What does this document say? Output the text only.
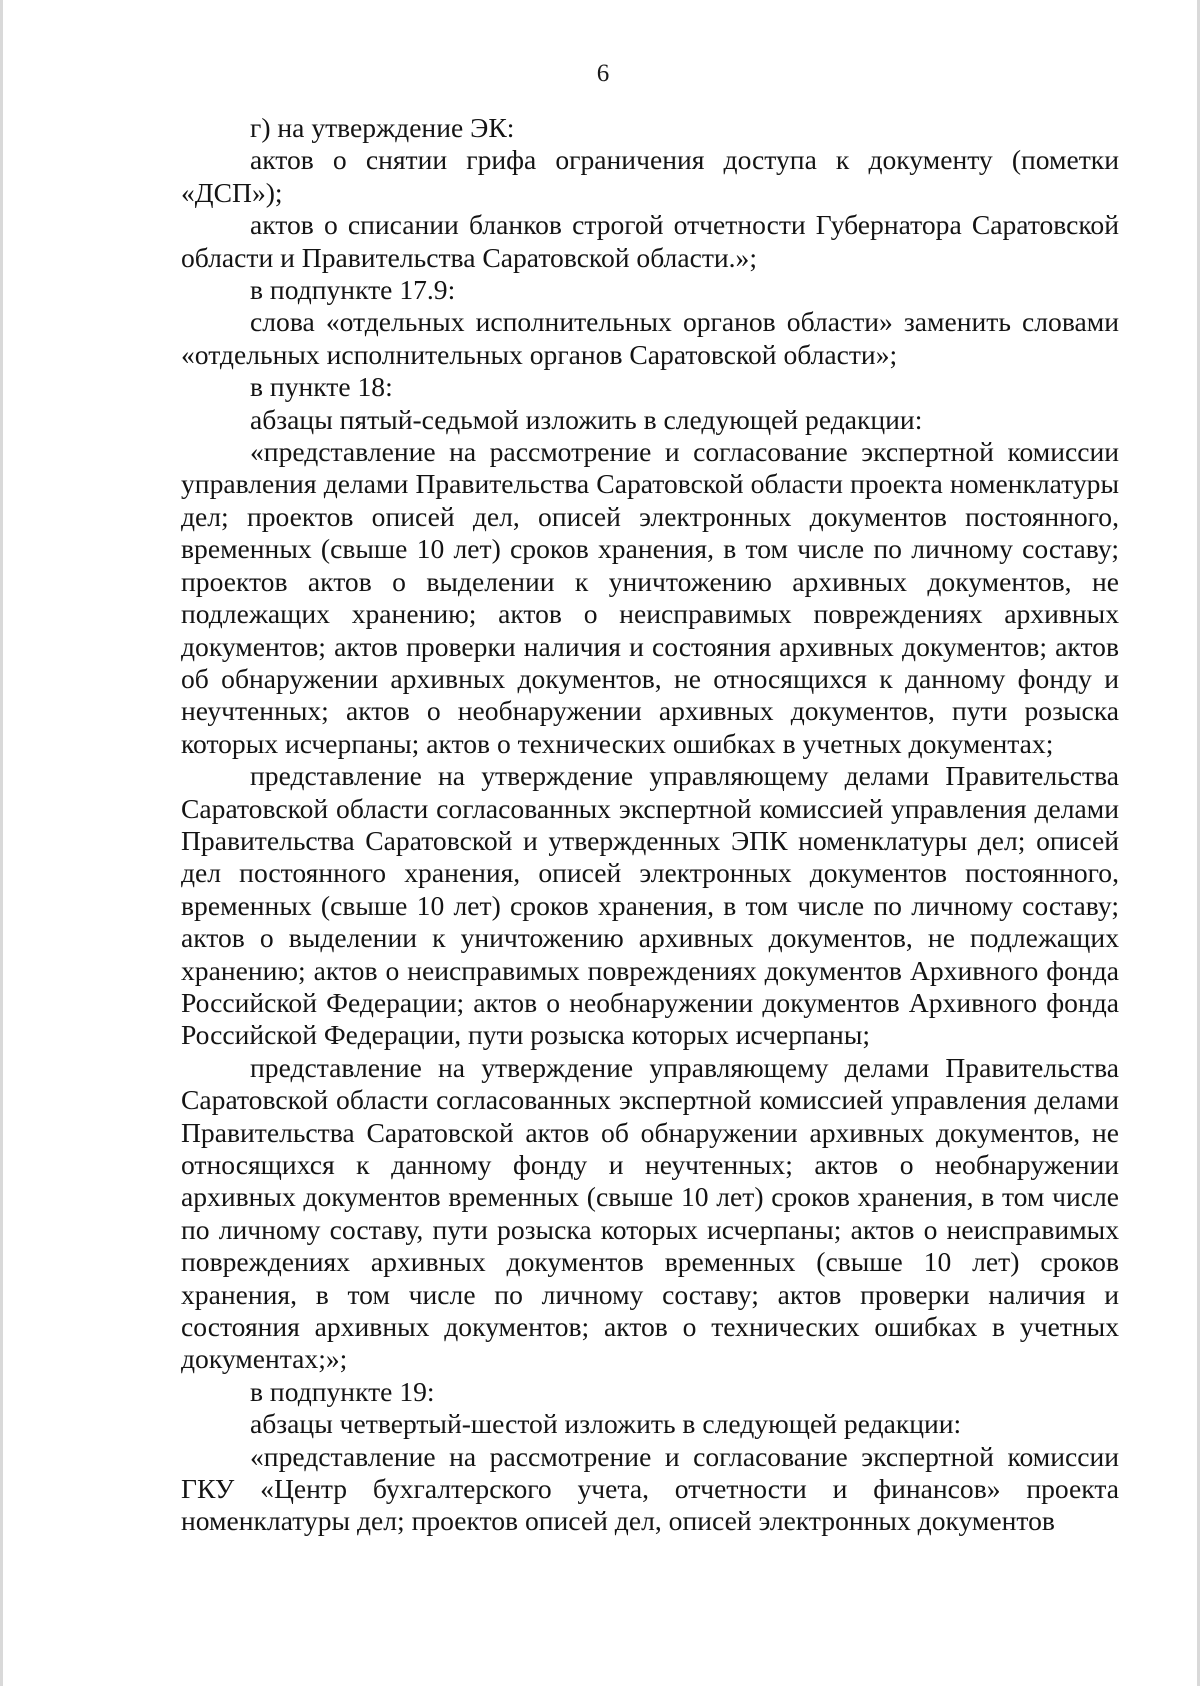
6

г) на утверждение ЭК:

актов о снятии грифа ограничения доступа к документу (пометки «ДСП»);

актов о списании бланков строгой отчетности Губернатора Саратовской области и Правительства Саратовской области.»;

в подпункте 17.9:

слова «отдельных исполнительных органов области» заменить словами «отдельных исполнительных органов Саратовской области»;

в пункте 18:

абзацы пятый-седьмой изложить в следующей редакции:

«представление на рассмотрение и согласование экспертной комиссии управления делами Правительства Саратовской области проекта номенклатуры дел; проектов описей дел, описей электронных документов постоянного, временных (свыше 10 лет) сроков хранения, в том числе по личному составу; проектов актов о выделении к уничтожению архивных документов, не подлежащих хранению; актов о неисправимых повреждениях архивных документов; актов проверки наличия и состояния архивных документов; актов об обнаружении архивных документов, не относящихся к данному фонду и неучтенных; актов о необнаружении архивных документов, пути розыска которых исчерпаны; актов о технических ошибках в учетных документах;

представление на утверждение управляющему делами Правительства Саратовской области согласованных экспертной комиссией управления делами Правительства Саратовской и утвержденных ЭПК номенклатуры дел; описей дел постоянного хранения, описей электронных документов постоянного, временных (свыше 10 лет) сроков хранения, в том числе по личному составу; актов о выделении к уничтожению архивных документов, не подлежащих хранению; актов о неисправимых повреждениях документов Архивного фонда Российской Федерации; актов о необнаружении документов Архивного фонда Российской Федерации, пути розыска которых исчерпаны;

представление на утверждение управляющему делами Правительства Саратовской области согласованных экспертной комиссией управления делами Правительства Саратовской актов об обнаружении архивных документов, не относящихся к данному фонду и неучтенных; актов о необнаружении архивных документов временных (свыше 10 лет) сроков хранения, в том числе по личному составу, пути розыска которых исчерпаны; актов о неисправимых повреждениях архивных документов временных (свыше 10 лет) сроков хранения, в том числе по личному составу; актов проверки наличия и состояния архивных документов; актов о технических ошибках в учетных документах;»;

в подпункте 19:

абзацы четвертый-шестой изложить в следующей редакции:

«представление на рассмотрение и согласование экспертной комиссии ГКУ «Центр бухгалтерского учета, отчетности и финансов» проекта номенклатуры дел; проектов описей дел, описей электронных документов
